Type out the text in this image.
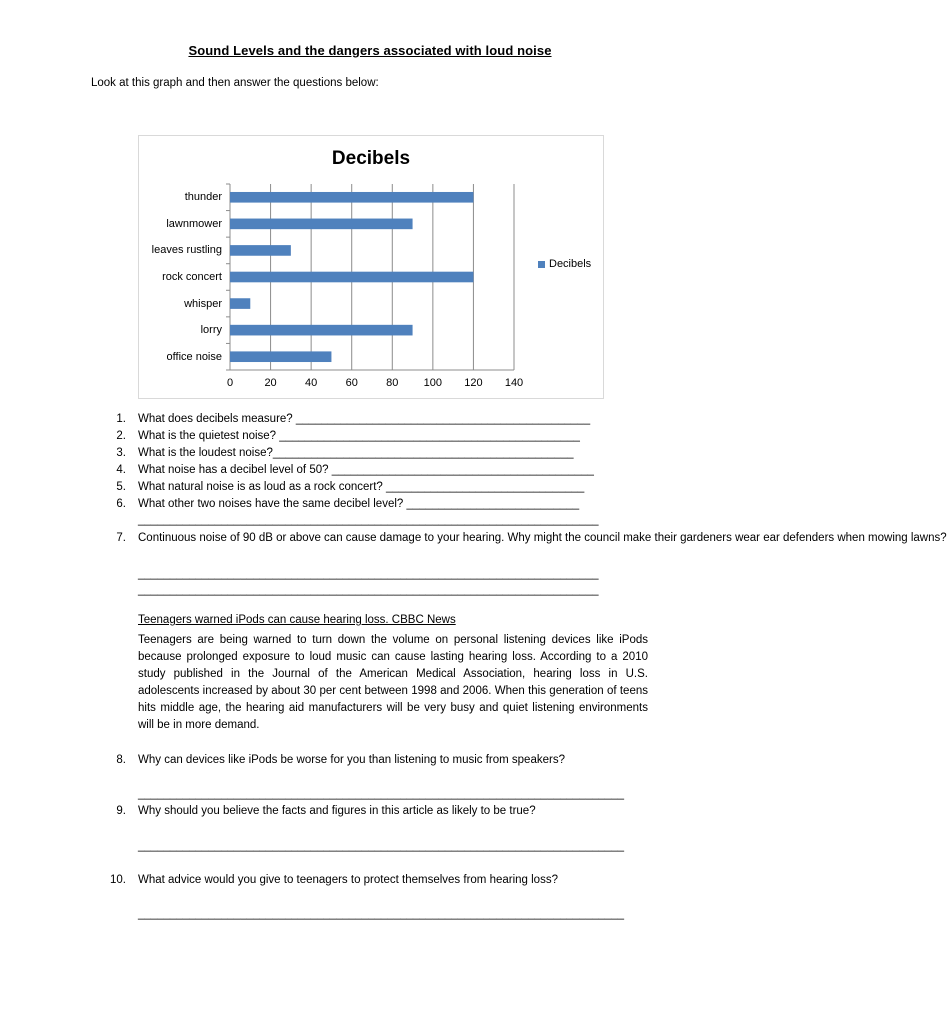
Sound Levels and the dangers associated with loud noise
Look at this graph and then answer the questions below:
Decibels
thunder
lawnmower
leaves rustling
rock concert
whisper
lorry
office noise
0	20	40	60	80 100 120 140
Decibels
1. What does decibels measure? ______________________________________________
2. What is the quietest noise? _______________________________________________
3. What is the loudest noise?_______________________________________________
4. What noise has a decibel level of 50? _________________________________________
5. What natural noise is as loud as a rock concert? _______________________________
6. What other two noises have the same decibel level? ___________________________
________________________________________________________________________
7. Continuous noise of 90 dB or above can cause damage to your hearing. Why might the council make their gardeners wear ear defenders when mowing lawns?
________________________________________________________________________
________________________________________________________________________
Teenagers warned iPods can cause hearing loss. CBBC News
Teenagers are being warned to turn down the volume on personal listening devices like iPods because prolonged exposure to loud music can cause lasting hearing loss. According to a 2010 study published in the Journal of the American Medical Association, hearing loss in U.S. adolescents increased by about 30 per cent between 1998 and 2006. When this generation of teens hits middle age, the hearing aid manufacturers will be very busy and quiet listening environments will be in more demand.
8. Why can devices like iPods be worse for you than listening to music from speakers?
____________________________________________________________________________
9. Why should you believe the facts and figures in this article as likely to be true?
____________________________________________________________________________
10. What advice would you give to teenagers to protect themselves from hearing loss?
____________________________________________________________________________
